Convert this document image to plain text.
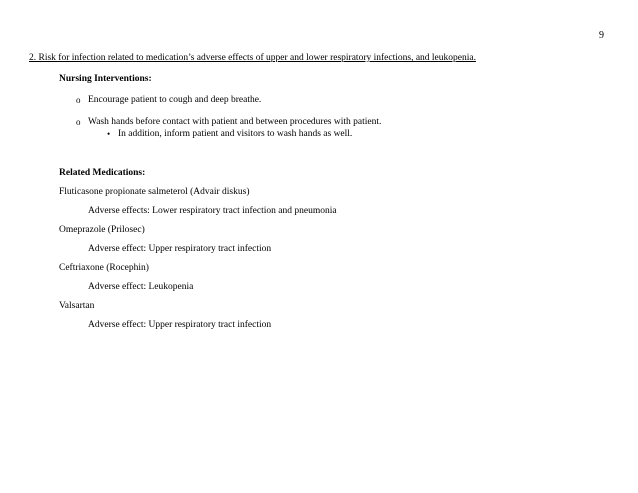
9
2. Risk for infection related to medication’s adverse effects of upper and lower respiratory infections, and leukopenia.
Nursing Interventions:
o Encourage patient to cough and deep breathe.
o Wash hands before contact with patient and between procedures with patient.
• In addition, inform patient and visitors to wash hands as well.
Related Medications:
Fluticasone propionate salmeterol (Advair diskus)
Adverse effects: Lower respiratory tract infection and pneumonia
Omeprazole (Prilosec)
Adverse effect: Upper respiratory tract infection
Ceftriaxone (Rocephin)
Adverse effect: Leukopenia
Valsartan
Adverse effect: Upper respiratory tract infection
